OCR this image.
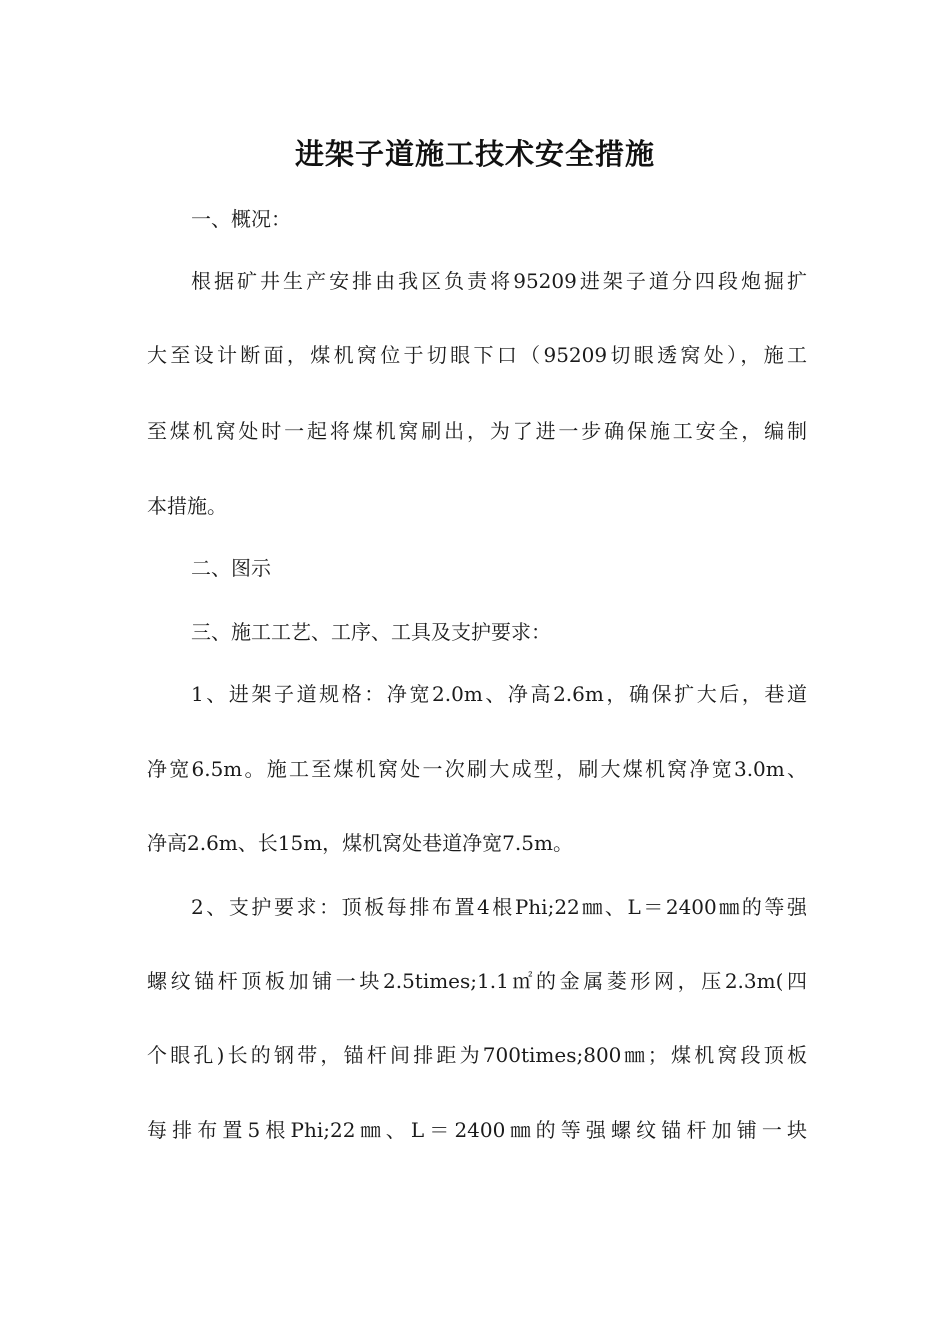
进架子道施工技术安全措施

一、概况：

根据矿井生产安排由我区负责将95209进架子道分四段炮掘扩

大至设计断面，煤机窝位于切眼下口（95209切眼透窝处），施工

至煤机窝处时一起将煤机窝刷出，为了进一步确保施工安全，编制

本措施。

二、图示

三、施工工艺、工序、工具及支护要求：

1、进架子道规格：净宽2.0m、净高2.6m，确保扩大后，巷道

净宽6.5m。施工至煤机窝处一次刷大成型，刷大煤机窝净宽3.0m、

净高2.6m、长15m，煤机窝处巷道净宽7.5m。

2、支护要求：顶板每排布置4根Phi;22㎜、L＝2400㎜的等强

螺纹锚杆顶板加铺一块2.5times;1.1㎡的金属菱形网，压2.3m(四

个眼孔)长的钢带，锚杆间排距为700times;800㎜；煤机窝段顶板

每排布置5根Phi;22㎜、L＝2400㎜的等强螺纹锚杆加铺一块
